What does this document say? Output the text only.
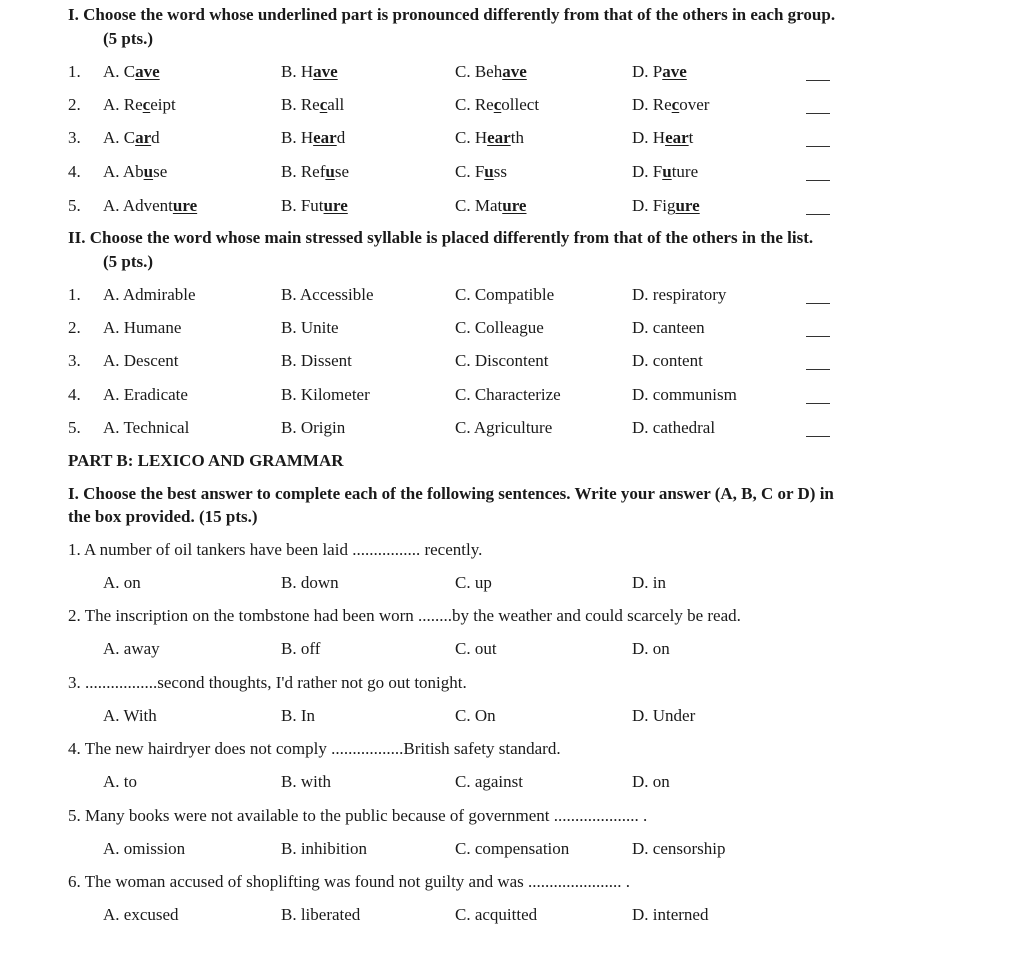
I. Choose the word whose underlined part is pronounced differently from that of the others in each group.
(5 pts.)
1. A. Cave	B. Have	C. Behave	D. Pave
2. A. Receipt	B. Recall	C. Recollect	D. Recover
3. A. Card	B. Heard	C. Hearth	D. Heart
4. A. Abuse	B. Refuse	C. Fuss	D. Future
5. A. Adventure	B. Future	C. Mature	D. Figure
II. Choose the word whose main stressed syllable is placed differently from that of the others in the list.
(5 pts.)
1. A. Admirable	B. Accessible	C. Compatible	D. respiratory
2. A. Humane	B. Unite	C. Colleague	D. canteen
3. A. Descent	B. Dissent	C. Discontent	D. content
4. A. Eradicate	B. Kilometer	C. Characterize	D. communism
5. A. Technical	B. Origin	C. Agriculture	D. cathedral
PART B: LEXICO AND GRAMMAR
I. Choose the best answer to complete each of the following sentences. Write your answer (A, B, C or D) in
the box provided. (15 pts.)
1. A number of oil tankers have been laid ................ recently.
A. on	B. down	C. up	D. in
2. The inscription on the tombstone had been worn ........by the weather and could scarcely be read.
A. away	B. off	C. out	D. on
3. .................second thoughts, I'd rather not go out tonight.
A. With	B. In	C. On	D. Under
4. The new hairdryer does not comply .................British safety standard.
A. to	B. with	C. against	D. on
5. Many books were not available to the public because of government .................... .
A. omission	B. inhibition	C. compensation	D. censorship
6. The woman accused of shoplifting was found not guilty and was ...................... .
A. excused	B. liberated	C. acquitted	D. interned
